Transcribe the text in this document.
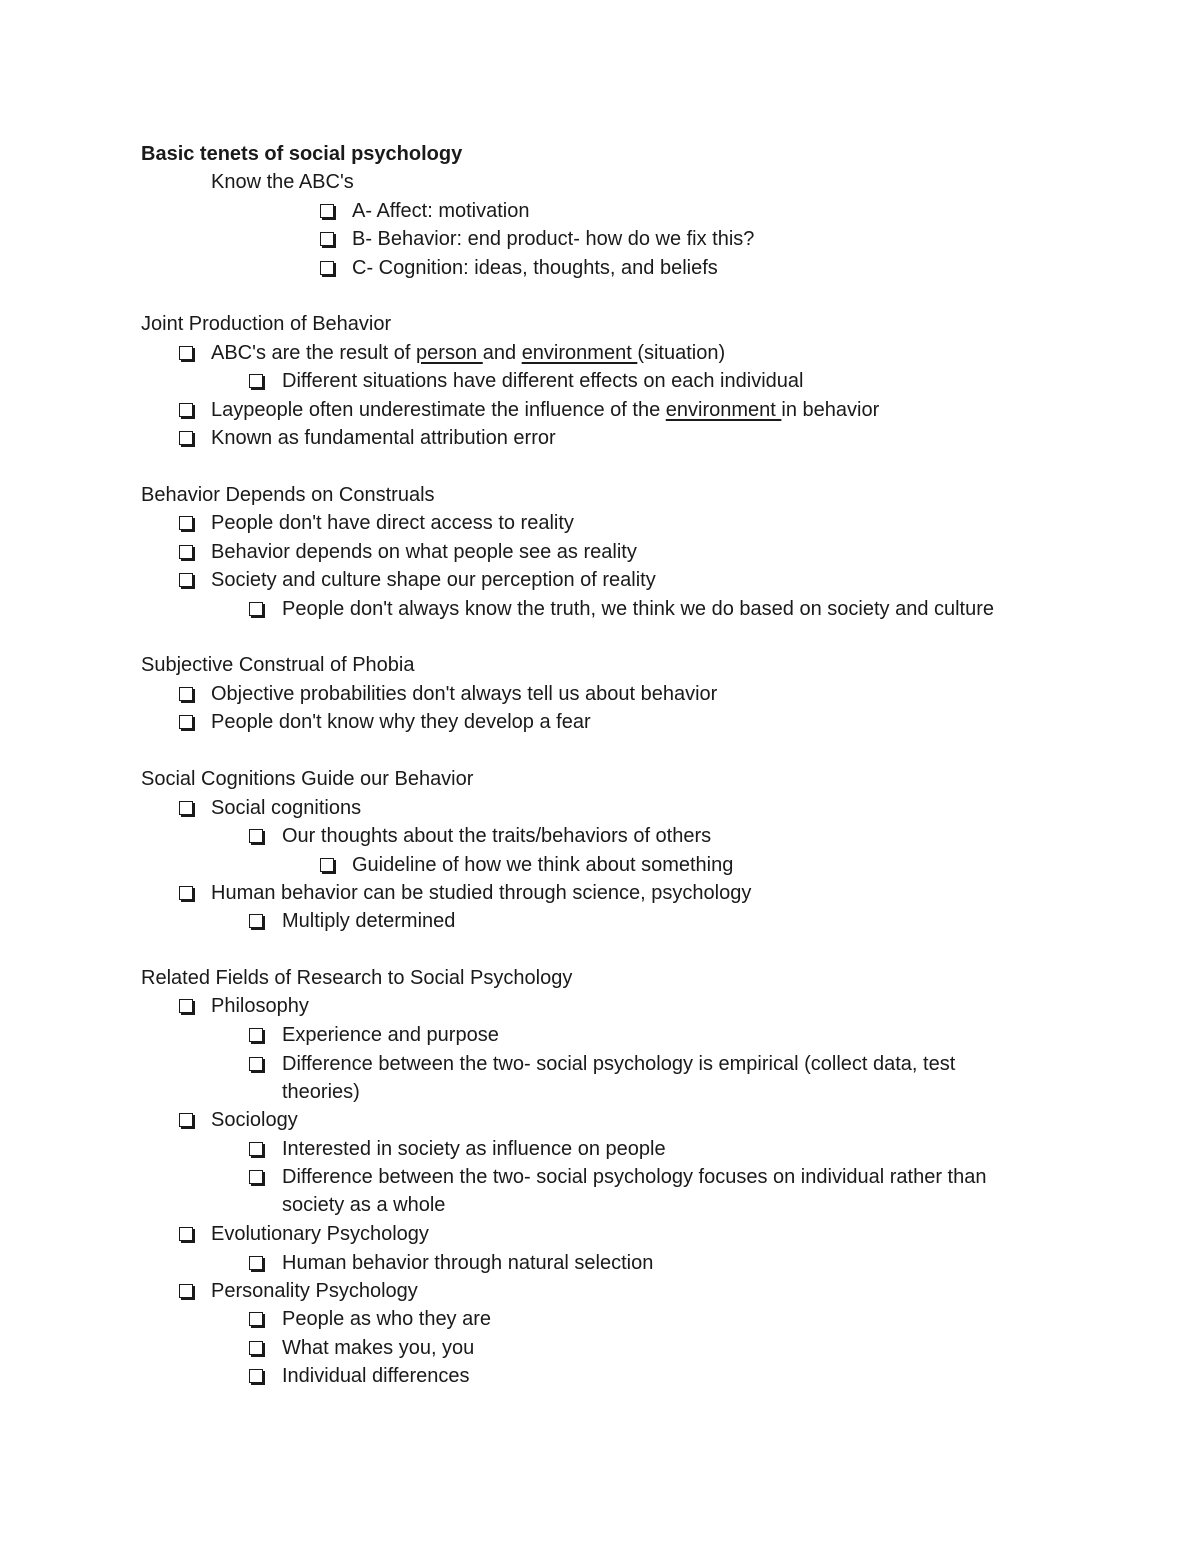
Basic tenets of social psychology
Know the ABC's
A- Affect: motivation
B- Behavior: end product- how do we fix this?
C- Cognition: ideas, thoughts, and beliefs
Joint Production of Behavior
ABC's are the result of person and environment (situation)
Different situations have different effects on each individual
Laypeople often underestimate the influence of the environment in behavior
Known as fundamental attribution error
Behavior Depends on Construals
People don't have direct access to reality
Behavior depends on what people see as reality
Society and culture shape our perception of reality
People don't always know the truth, we think we do based on society and culture
Subjective Construal of Phobia
Objective probabilities don't always tell us about behavior
People don't know why they develop a fear
Social Cognitions Guide our Behavior
Social cognitions
Our thoughts about the traits/behaviors of others
Guideline of how we think about something
Human behavior can be studied through science, psychology
Multiply determined
Related Fields of Research to Social Psychology
Philosophy
Experience and purpose
Difference between the two- social psychology is empirical (collect data, test
theories)
Sociology
Interested in society as influence on people
Difference between the two- social psychology focuses on individual rather than
society as a whole
Evolutionary Psychology
Human behavior through natural selection
Personality Psychology
People as who they are
What makes you, you
Individual differences
